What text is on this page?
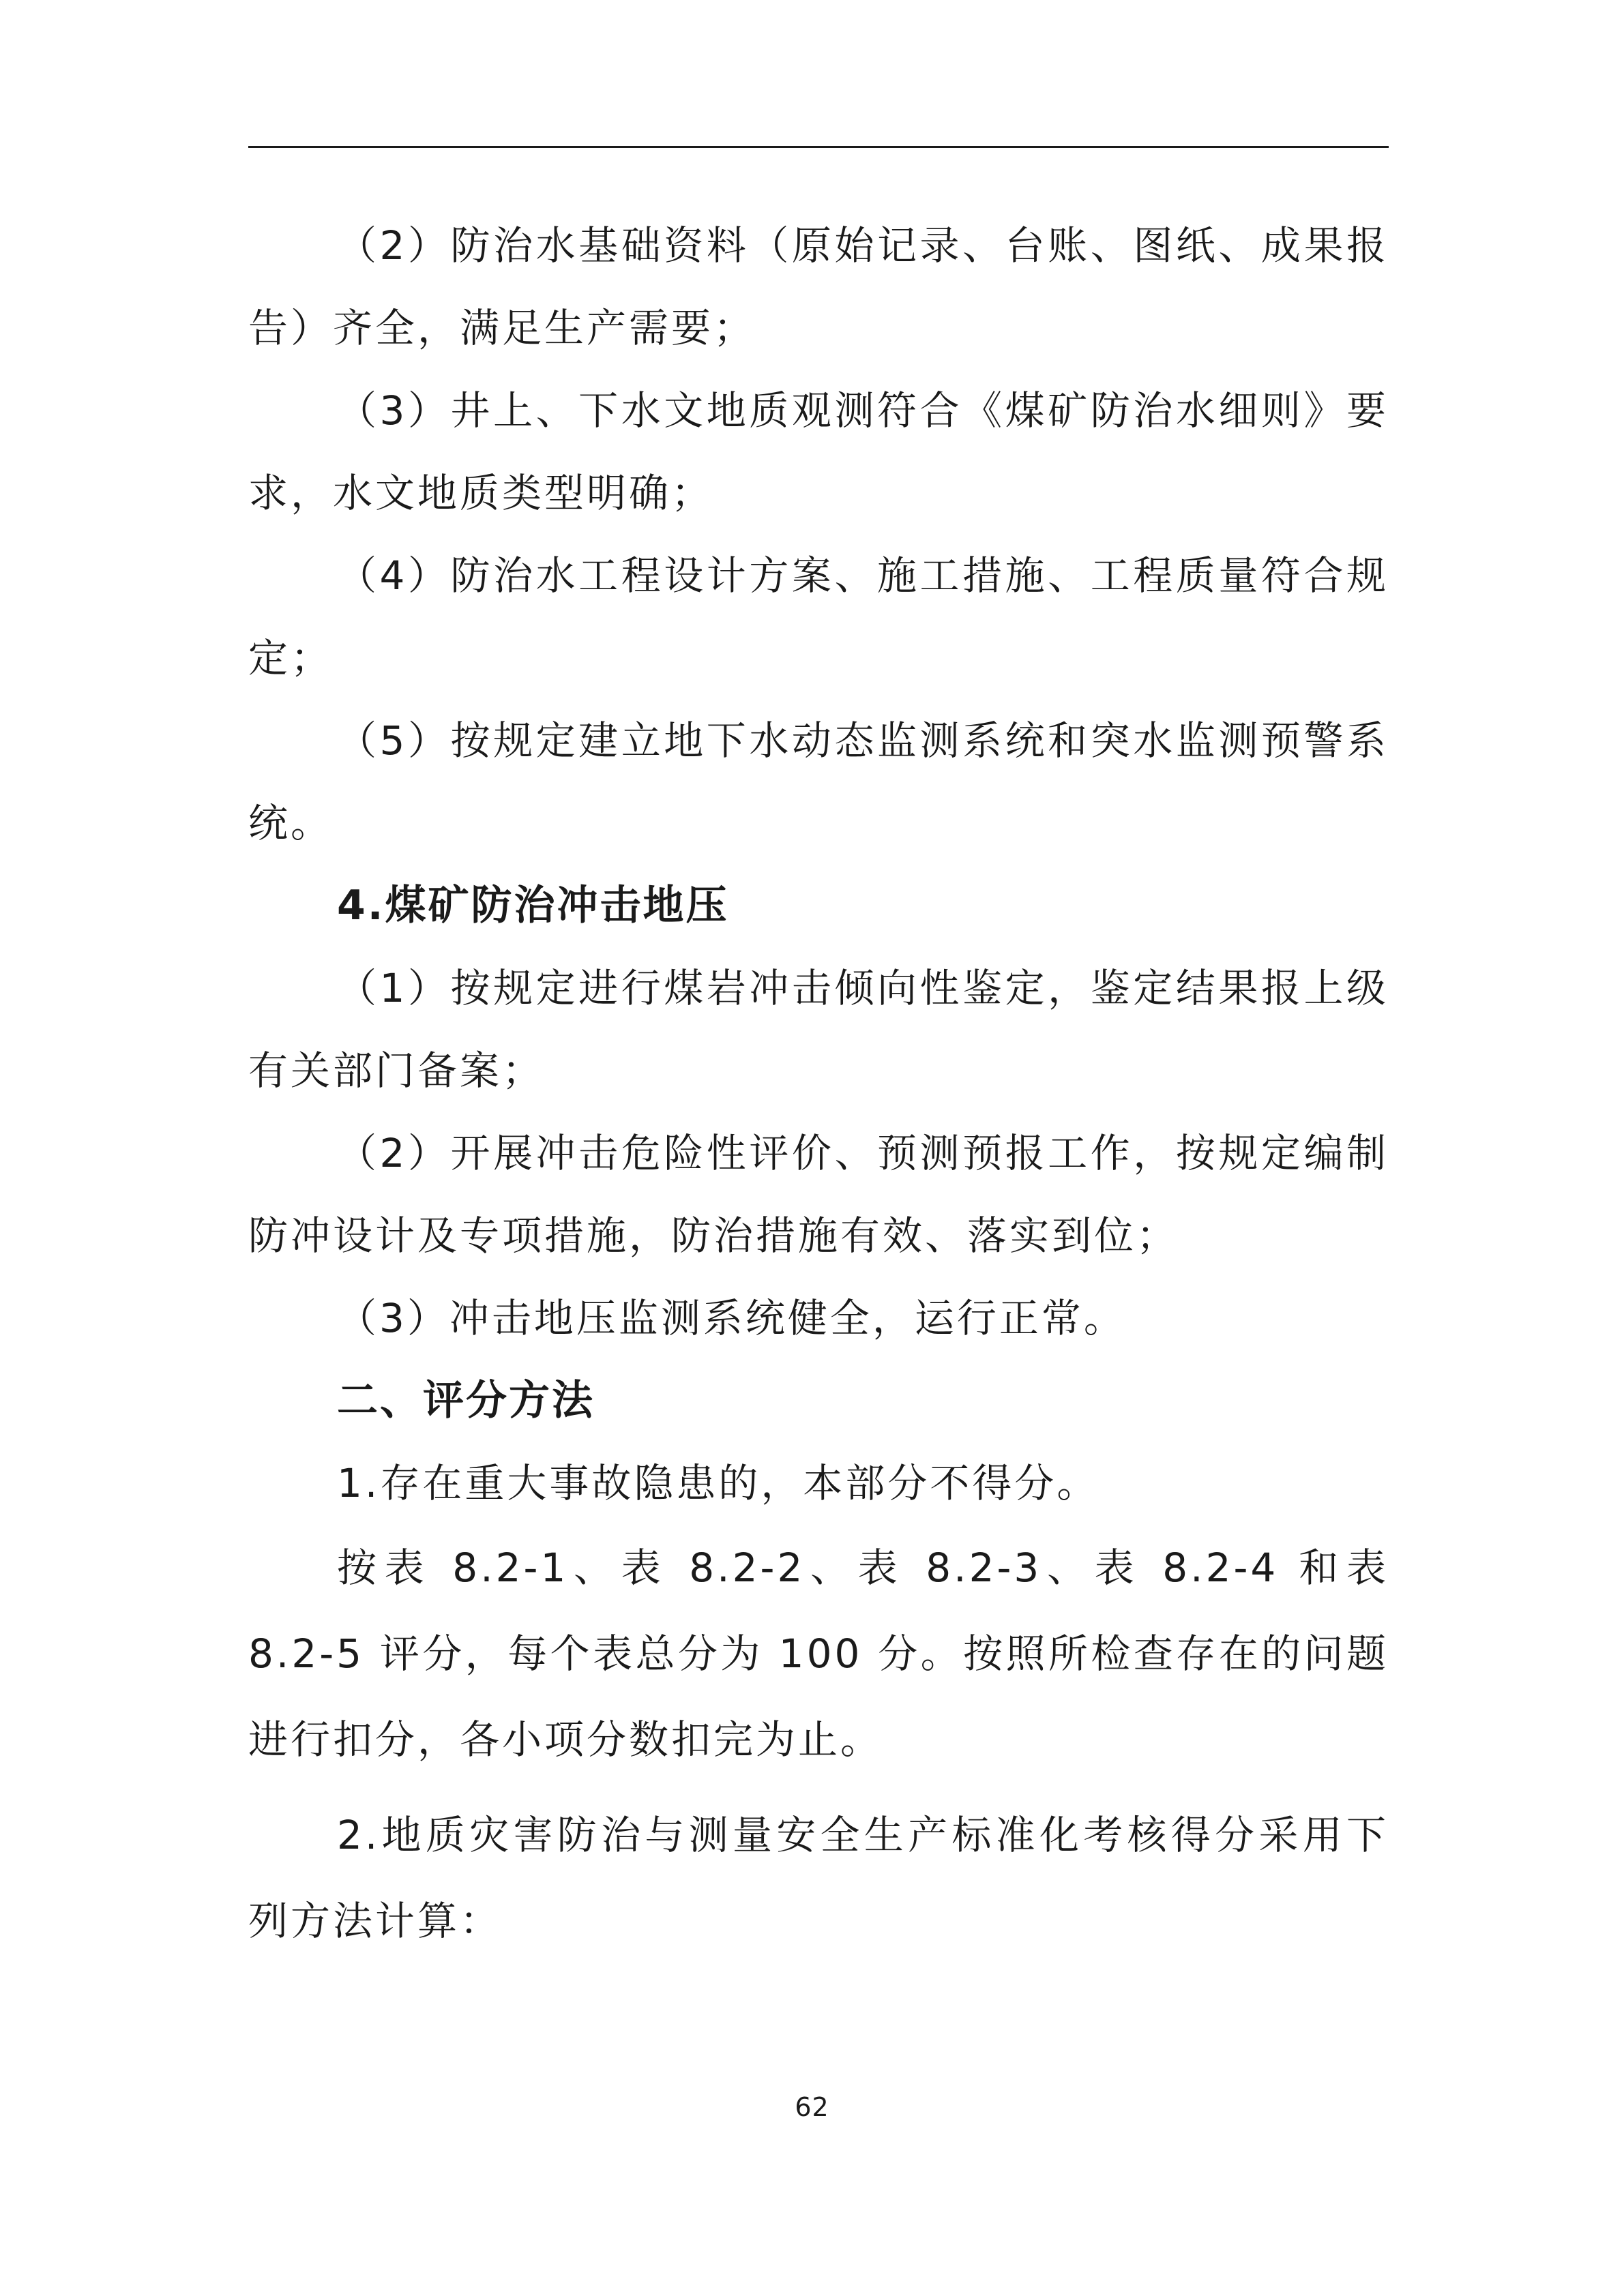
（2）防治水基础资料（原始记录、台账、图纸、成果报告）齐全，满足生产需要；

（3）井上、下水文地质观测符合《煤矿防治水细则》要求，水文地质类型明确；

（4）防治水工程设计方案、施工措施、工程质量符合规定；

（5）按规定建立地下水动态监测系统和突水监测预警系统。

4.煤矿防治冲击地压

（1）按规定进行煤岩冲击倾向性鉴定，鉴定结果报上级有关部门备案；

（2）开展冲击危险性评价、预测预报工作，按规定编制防冲设计及专项措施，防治措施有效、落实到位；

（3）冲击地压监测系统健全，运行正常。

二、评分方法

1.存在重大事故隐患的，本部分不得分。

按表 8.2-1、表 8.2-2、表 8.2-3、表 8.2-4 和表 8.2-5 评分，每个表总分为 100 分。按照所检查存在的问题进行扣分，各小项分数扣完为止。

2.地质灾害防治与测量安全生产标准化考核得分采用下列方法计算：

62
